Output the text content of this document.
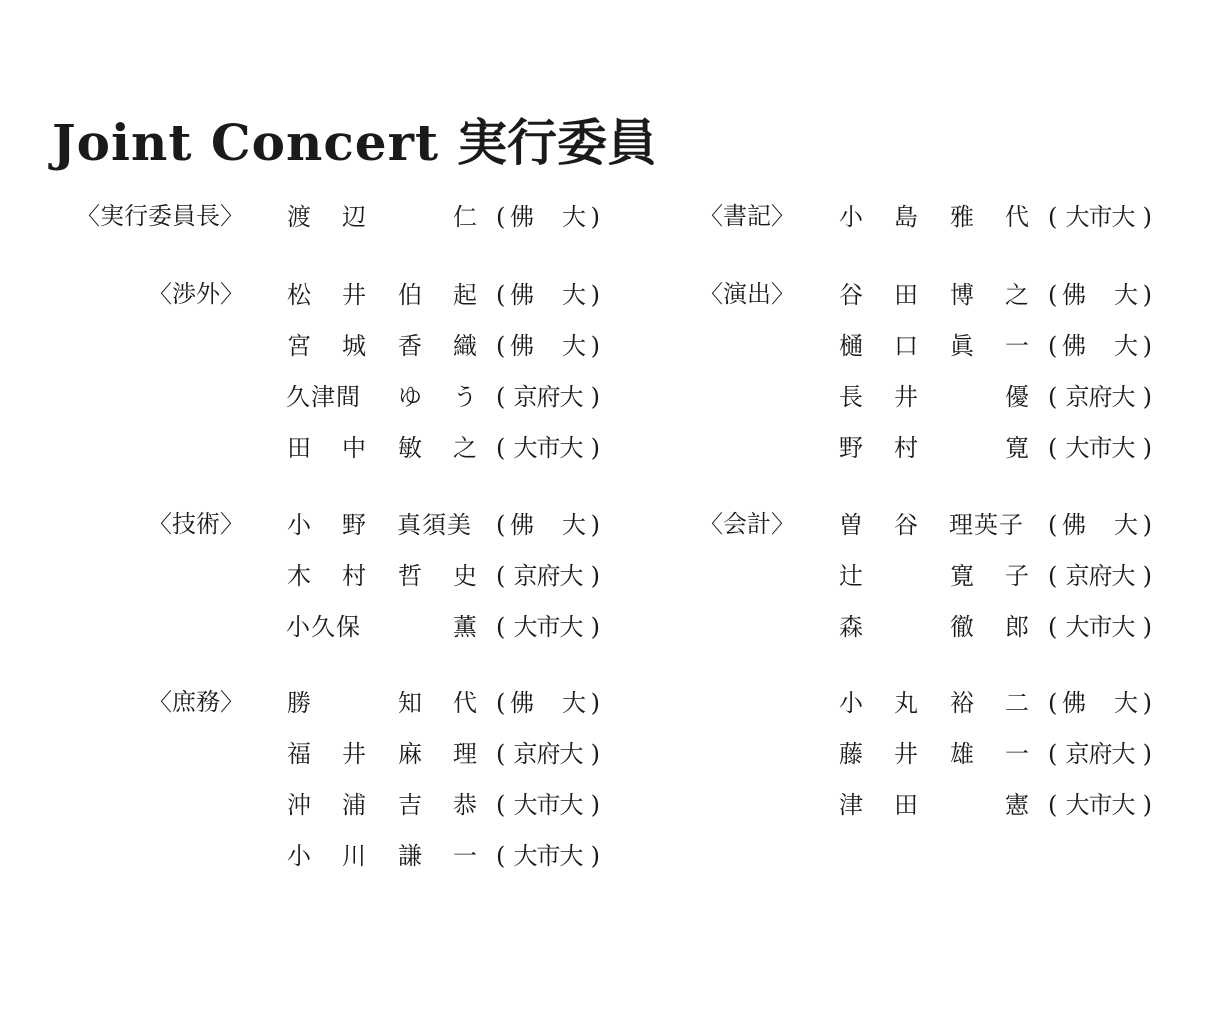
Joint Concert 実行委員
〈実行委員長〉 渡 辺	仁 ( 佛 大 )
〈渉外〉 松 井 伯 起 ( 佛 大 )
宮 城 香 織 ( 佛 大 )
久津間 ゆ う ( 京府大 )
田 中 敏 之 ( 大市大 )
〈技術〉 小 野 真須美 ( 佛 大 )
木 村 哲 史 ( 京府大 )
小久保	薫 ( 大市大 )
〈庶務〉 勝	知 代 ( 佛 大 )
福 井 麻 理 ( 京府大 )
沖 浦 吉 恭 ( 大市大 )
小 川 謙 一 ( 大市大 )
〈書記〉 小 島 雅 代 ( 大市大 )
〈演出〉 谷 田 博 之 ( 佛 大 )
樋 口 眞 一 ( 佛 大 )
長 井	優 ( 京府大 )
野 村	寛 ( 大市大 )
〈会計〉 曽 谷 理英子 ( 佛 大 )
辻	寛 子 ( 京府大 )
森	徹 郎 ( 大市大 )
小 丸 裕 二 ( 佛 大 )
藤 井 雄 一 ( 京府大 )
津 田	憲 ( 大市大 )
